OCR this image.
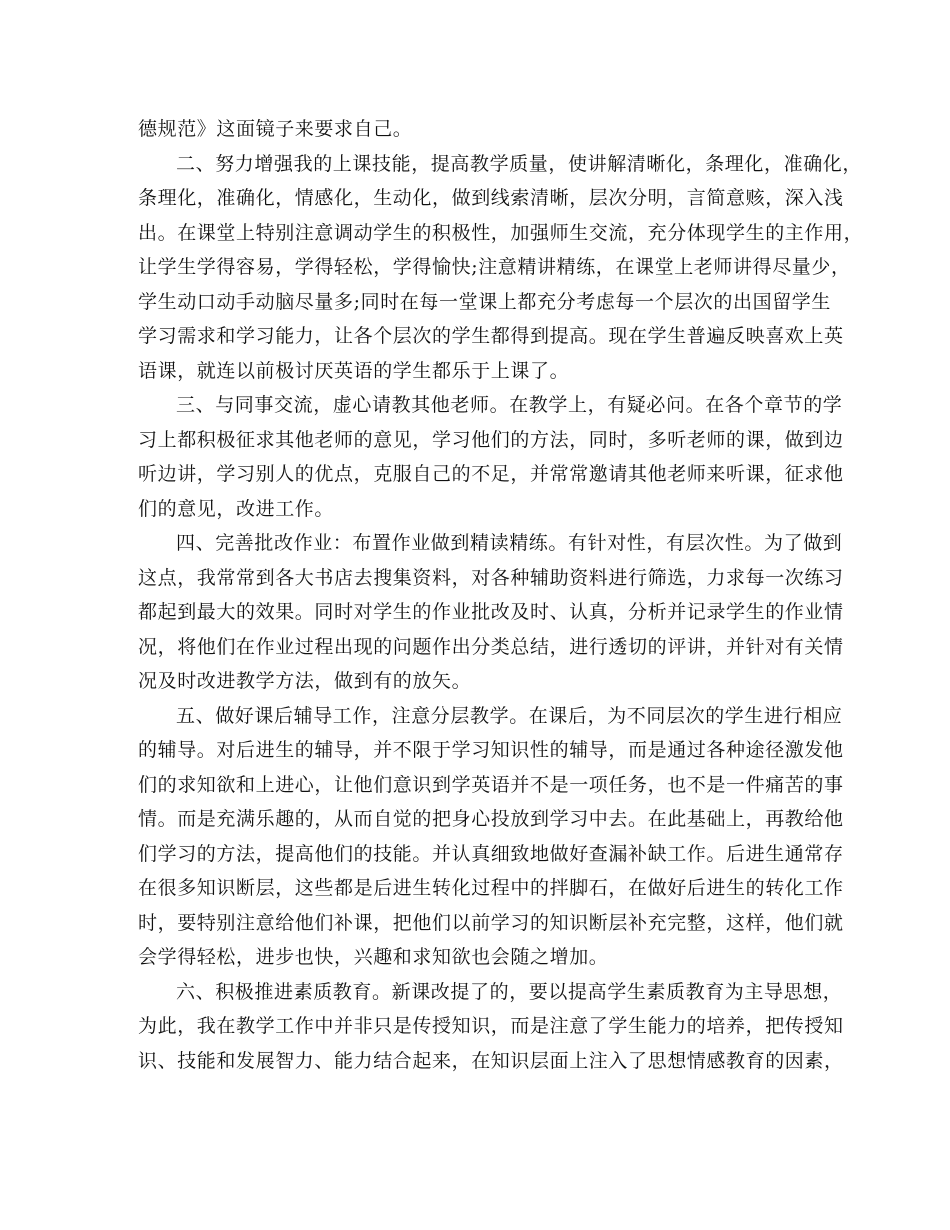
德规范》这面镜子来要求自己。
二、努力增强我的上课技能，提高教学质量，使讲解清晰化，条理化，准确化，
条理化，准确化，情感化，生动化，做到线索清晰，层次分明，言简意赅，深入浅
出。在课堂上特别注意调动学生的积极性，加强师生交流，充分体现学生的主作用，
让学生学得容易，学得轻松，学得愉快;注意精讲精练，在课堂上老师讲得尽量少，
学生动口动手动脑尽量多;同时在每一堂课上都充分考虑每一个层次的出国留学生
学习需求和学习能力，让各个层次的学生都得到提高。现在学生普遍反映喜欢上英
语课，就连以前极讨厌英语的学生都乐于上课了。
三、与同事交流，虚心请教其他老师。在教学上，有疑必问。在各个章节的学
习上都积极征求其他老师的意见，学习他们的方法，同时，多听老师的课，做到边
听边讲，学习别人的优点，克服自己的不足，并常常邀请其他老师来听课，征求他
们的意见，改进工作。
四、完善批改作业：布置作业做到精读精练。有针对性，有层次性。为了做到
这点，我常常到各大书店去搜集资料，对各种辅助资料进行筛选，力求每一次练习
都起到最大的效果。同时对学生的作业批改及时、认真，分析并记录学生的作业情
况，将他们在作业过程出现的问题作出分类总结，进行透切的评讲，并针对有关情
况及时改进教学方法，做到有的放矢。
五、做好课后辅导工作，注意分层教学。在课后，为不同层次的学生进行相应
的辅导。对后进生的辅导，并不限于学习知识性的辅导，而是通过各种途径激发他
们的求知欲和上进心，让他们意识到学英语并不是一项任务，也不是一件痛苦的事
情。而是充满乐趣的，从而自觉的把身心投放到学习中去。在此基础上，再教给他
们学习的方法，提高他们的技能。并认真细致地做好查漏补缺工作。后进生通常存
在很多知识断层，这些都是后进生转化过程中的拌脚石，在做好后进生的转化工作
时，要特别注意给他们补课，把他们以前学习的知识断层补充完整，这样，他们就
会学得轻松，进步也快，兴趣和求知欲也会随之增加。
六、积极推进素质教育。新课改提了的，要以提高学生素质教育为主导思想，
为此，我在教学工作中并非只是传授知识，而是注意了学生能力的培养，把传授知
识、技能和发展智力、能力结合起来，在知识层面上注入了思想情感教育的因素，
